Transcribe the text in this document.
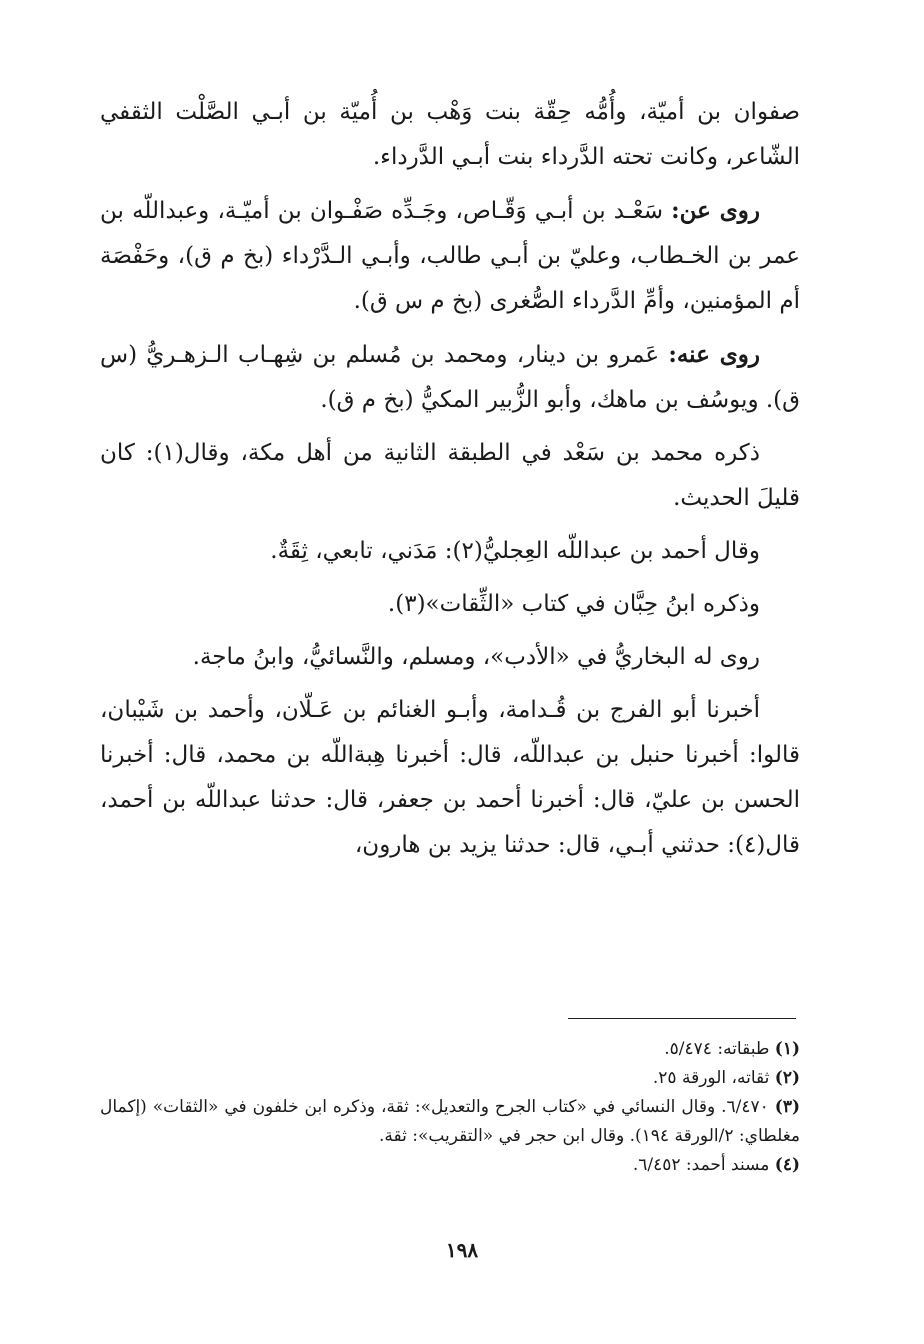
صفوان بن أميّة، وأُمُّه حِقّة بنت وَهْب بن أُميّة بن أبـي الصَّلْت الثقفي الشّاعر، وكانت تحته الدَّرداء بنت أبـي الدَّرداء.

روى عن: سَعْـد بن أبـي وَقّـاص، وجَـدِّه صَفْـوان بن أميّـة، وعبداللّه بن عمر بن الخـطاب، وعليّ بن أبـي طالب، وأبـي الـدَّرْداء (بخ م ق)، وحَفْصَة أم المؤمنين، وأمِّ الدَّرداء الصُّغرى (بخ م س ق).

روى عنه: عَمرو بن دينار، ومحمد بن مُسلم بن شِهـاب الـزهـريُّ (س ق). ويوسُف بن ماهك، وأبو الزُّبير المكيُّ (بخ م ق).

ذكره محمد بن سَعْد في الطبقة الثانية من أهل مكة، وقال(١): كان قليلَ الحديث.

وقال أحمد بن عبداللّه العِجليُّ(٢): مَدَني، تابعي، ثِقَةٌ.

وذكره ابنُ حِبَّان في كتاب «الثِّقات»(٣).

روى له البخاريُّ في «الأدب»، ومسلم، والنَّسائيُّ، وابنُ ماجة.

أخبرنا أبو الفرج بن قُـدامة، وأبـو الغنائم بن عَـلّان، وأحمد بن شَيْبان، قالوا: أخبرنا حنبل بن عبداللّه، قال: أخبرنا هِبةاللّه بن محمد، قال: أخبرنا الحسن بن عليّ، قال: أخبرنا أحمد بن جعفر، قال: حدثنا عبداللّه بن أحمد، قال(٤): حدثني أبـي، قال: حدثنا يزيد بن هارون،

(١) طبقاته: ٥/٤٧٤.

(٢) ثقاته، الورقة ٢٥.

(٣) ٦/٤٧٠. وقال النسائي في «كتاب الجرح والتعديل»: ثقة، وذكره ابن خلفون في «الثقات» (إكمال مغلطاي: ٢/الورقة ١٩٤). وقال ابن حجر في «التقريب»: ثقة.

(٤) مسند أحمد: ٦/٤٥٢.

١٩٨
